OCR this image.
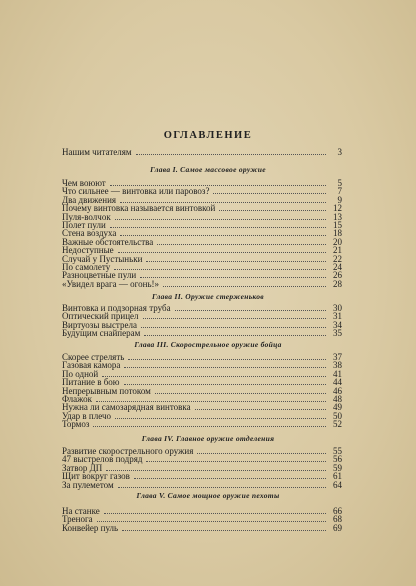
ОГЛАВЛЕНИЕ
Нашим читателям	3
Глава I. Самое массовое оружие
Чем воюют	5
Что сильнее — винтовка или паровоз?	7
Два движения	9
Почему винтовка называется винтовкой	12
Пуля-волчок	13
Полет пули	15
Стена воздуха	18
Важные обстоятельства	20
Недоступные	21
Случай у Пустыньки	22
По самолету	24
Разноцветные пули	26
«Увидел врага — огонь!»	28
Глава II. Оружие стерженьков
Винтовка и подзорная труба	30
Оптический прицел	31
Виртуозы выстрела	34
Будущим снайперам	35
Глава III. Скорострельное оружие бойца
Скорее стрелять	37
Газовая камора	38
По одной	41
Питание в бою	44
Непрерывным потоком	46
Флажок	48
Нужна ли самозарядная винтовка	49
Удар в плечо	50
Тормоз	52
Глава IV. Главное оружие отделения
Развитие скорострельного оружия	55
47 выстрелов подряд	56
Затвор ДП	59
Щит вокруг газов	61
За пулеметом	64
Глава V. Самое мощное оружие пехоты
На станке	66
Тренога	68
Конвейер пуль	69
